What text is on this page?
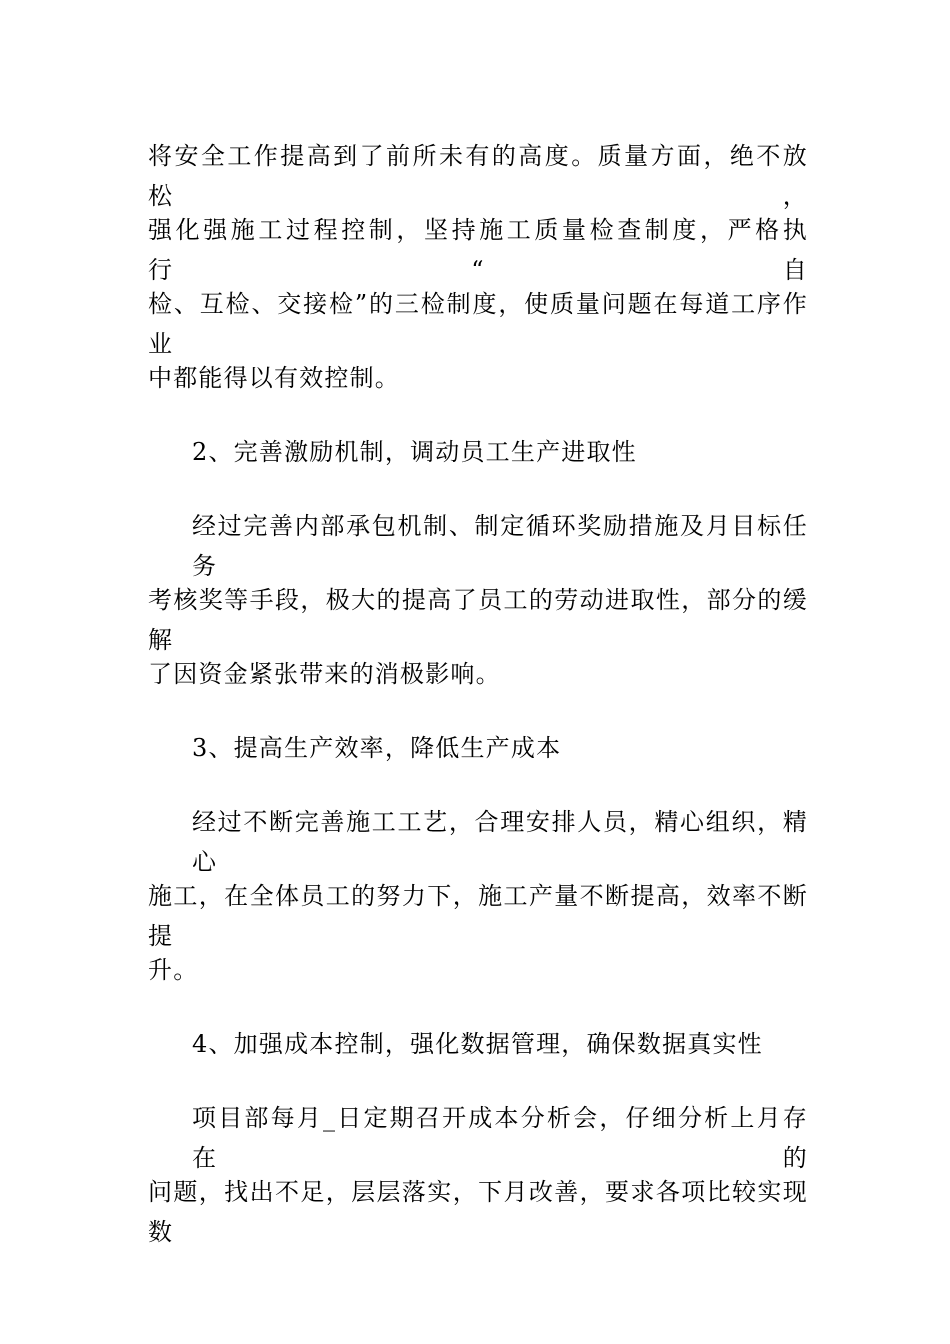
将安全工作提高到了前所未有的高度。质量方面，绝不放松，
强化强施工过程控制，坚持施工质量检查制度，严格执行“自
检、互检、交接检”的三检制度，使质量问题在每道工序作业
中都能得以有效控制。
2、完善激励机制，调动员工生产进取性
经过完善内部承包机制、制定循环奖励措施及月目标任务
考核奖等手段，极大的提高了员工的劳动进取性，部分的缓解
了因资金紧张带来的消极影响。
3、提高生产效率，降低生产成本
经过不断完善施工工艺，合理安排人员，精心组织，精心
施工，在全体员工的努力下，施工产量不断提高，效率不断提
升。
4、加强成本控制，强化数据管理，确保数据真实性
项目部每月_日定期召开成本分析会，仔细分析上月存在的
问题，找出不足，层层落实，下月改善，要求各项比较实现数
